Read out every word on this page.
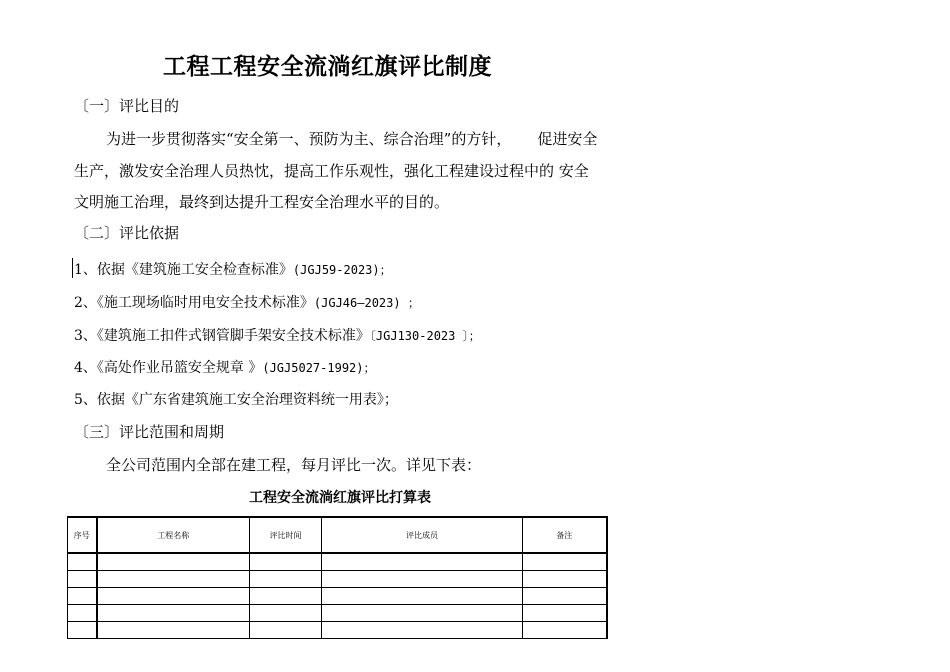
工程工程安全流淌红旗评比制度
〔一〕评比目的
为进一步贯彻落实“安全第一、预防为主、综合治理”的方针， 促进安全
生产，激发安全治理人员热忱，提高工作乐观性，强化工程建设过程中的 安全
文明施工治理，最终到达提升工程安全治理水平的目的。
〔二〕评比依据
1、依据《建筑施工安全检查标准》(JGJ59-2023)；
2、《施工现场临时用电安全技术标准》(JGJ46—2023) ；
3、《建筑施工扣件式钢管脚手架安全技术标准》〔JGJ130-2023 〕；
4、《高处作业吊篮安全规章 》(JGJ5027-1992)；
5、依据《广东省建筑施工安全治理资料统一用表》；
〔三〕评比范围和周期
全公司范围内全部在建工程，每月评比一次。详见下表：
工程安全流淌红旗评比打算表
序号	工程名称	评比时间	评比成员	备注
